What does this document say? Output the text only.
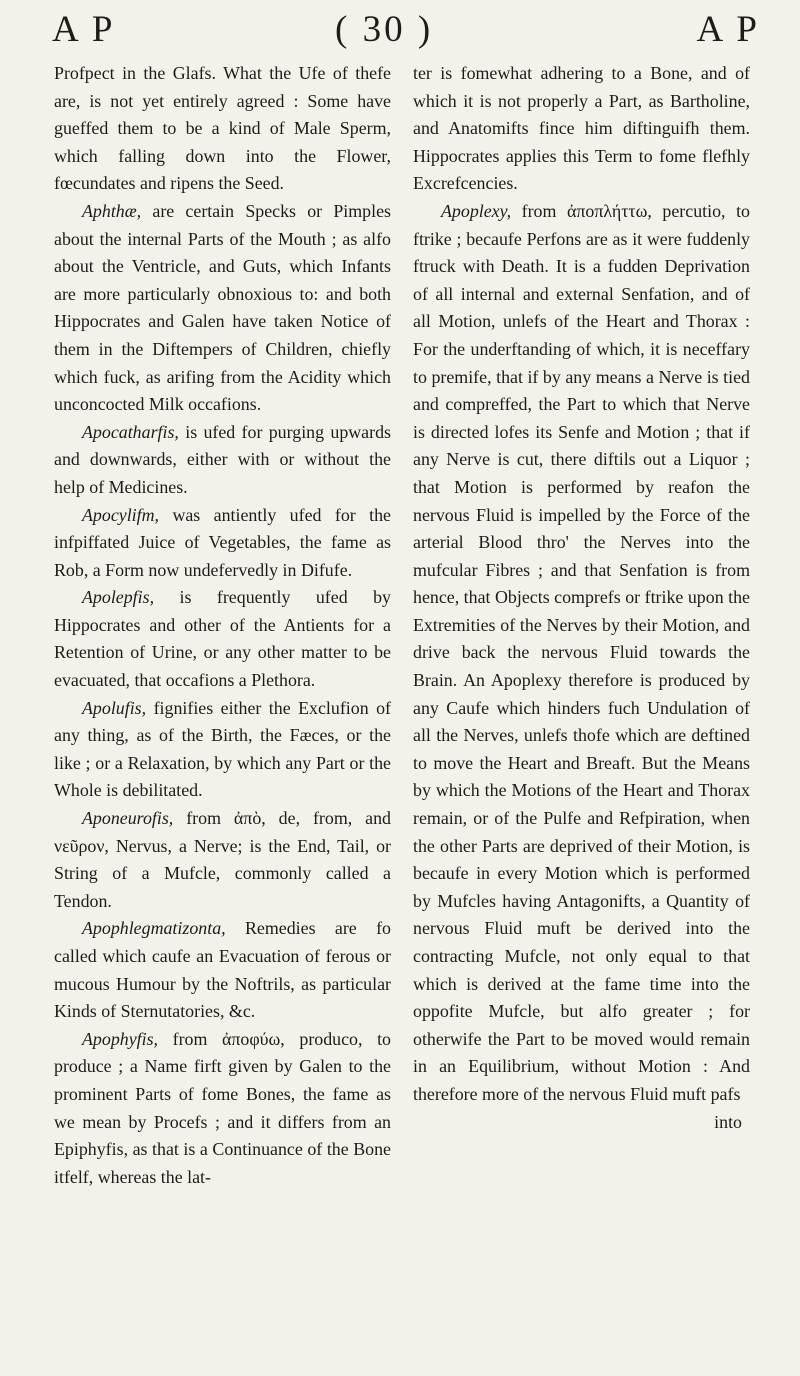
A P	( 30 )	A P

Profpect in the Glafs. What the Ufe of thefe are, is not yet entirely agreed : Some have gueffed them to be a kind of Male Sperm, which falling down into the Flower, fœcundates and ripens the Seed.

Aphthæ, are certain Specks or Pimples about the internal Parts of the Mouth ; as alfo about the Ventricle, and Guts, which Infants are more particularly obnoxious to: and both Hippocrates and Galen have taken Notice of them in the Diftempers of Children, chiefly which fuck, as arifing from the Acidity which unconcocted Milk occafions.

Apocatharfis, is ufed for purging upwards and downwards, either with or without the help of Medicines.

Apocylifm, was antiently ufed for the infpiffated Juice of Vegetables, the fame as Rob, a Form now undefervedly in Difufe.

Apolepfis, is frequently ufed by Hippocrates and other of the Antients for a Retention of Urine, or any other matter to be evacuated, that occafions a Plethora.

Apolufis, fignifies either the Exclufion of any thing, as of the Birth, the Fæces, or the like ; or a Relaxation, by which any Part or the Whole is debilitated.

Aponeurofis, from ἀπὸ, de, from, and νεῦρον, Nervus, a Nerve; is the End, Tail, or String of a Mufcle, commonly called a Tendon.

Apophlegmatizonta, Remedies are fo called which caufe an Evacuation of ferous or mucous Humour by the Noftrils, as particular Kinds of Sternutatories, &c.

Apophyfis, from ἀποφύω, produco, to produce ; a Name firft given by Galen to the prominent Parts of fome Bones, the fame as we mean by Procefs ; and it differs from an Epiphyfis, as that is a Continuance of the Bone itfelf, whereas the lat-

ter is fomewhat adhering to a Bone, and of which it is not properly a Part, as Bartholine, and Anatomifts fince him diftinguifh them. Hippocrates applies this Term to fome flefhly Excrefcencies.

Apoplexy, from ἀποπλήττω, percutio, to ftrike ; becaufe Perfons are as it were fuddenly ftruck with Death. It is a fudden Deprivation of all internal and external Senfation, and of all Motion, unlefs of the Heart and Thorax : For the underftanding of which, it is neceffary to premife, that if by any means a Nerve is tied and compreffed, the Part to which that Nerve is directed lofes its Senfe and Motion ; that if any Nerve is cut, there diftils out a Liquor ; that Motion is performed by reafon the nervous Fluid is impelled by the Force of the arterial Blood thro' the Nerves into the mufcular Fibres ; and that Senfation is from hence, that Objects comprefs or ftrike upon the Extremities of the Nerves by their Motion, and drive back the nervous Fluid towards the Brain. An Apoplexy therefore is produced by any Caufe which hinders fuch Undulation of all the Nerves, unlefs thofe which are deftined to move the Heart and Breaft. But the Means by which the Motions of the Heart and Thorax remain, or of the Pulfe and Refpiration, when the other Parts are deprived of their Motion, is becaufe in every Motion which is performed by Mufcles having Antagonifts, a Quantity of nervous Fluid muft be derived into the contracting Mufcle, not only equal to that which is derived at the fame time into the oppofite Mufcle, but alfo greater ; for otherwife the Part to be moved would remain in an Equilibrium, without Motion : And therefore more of the nervous Fluid muft pafs

into
